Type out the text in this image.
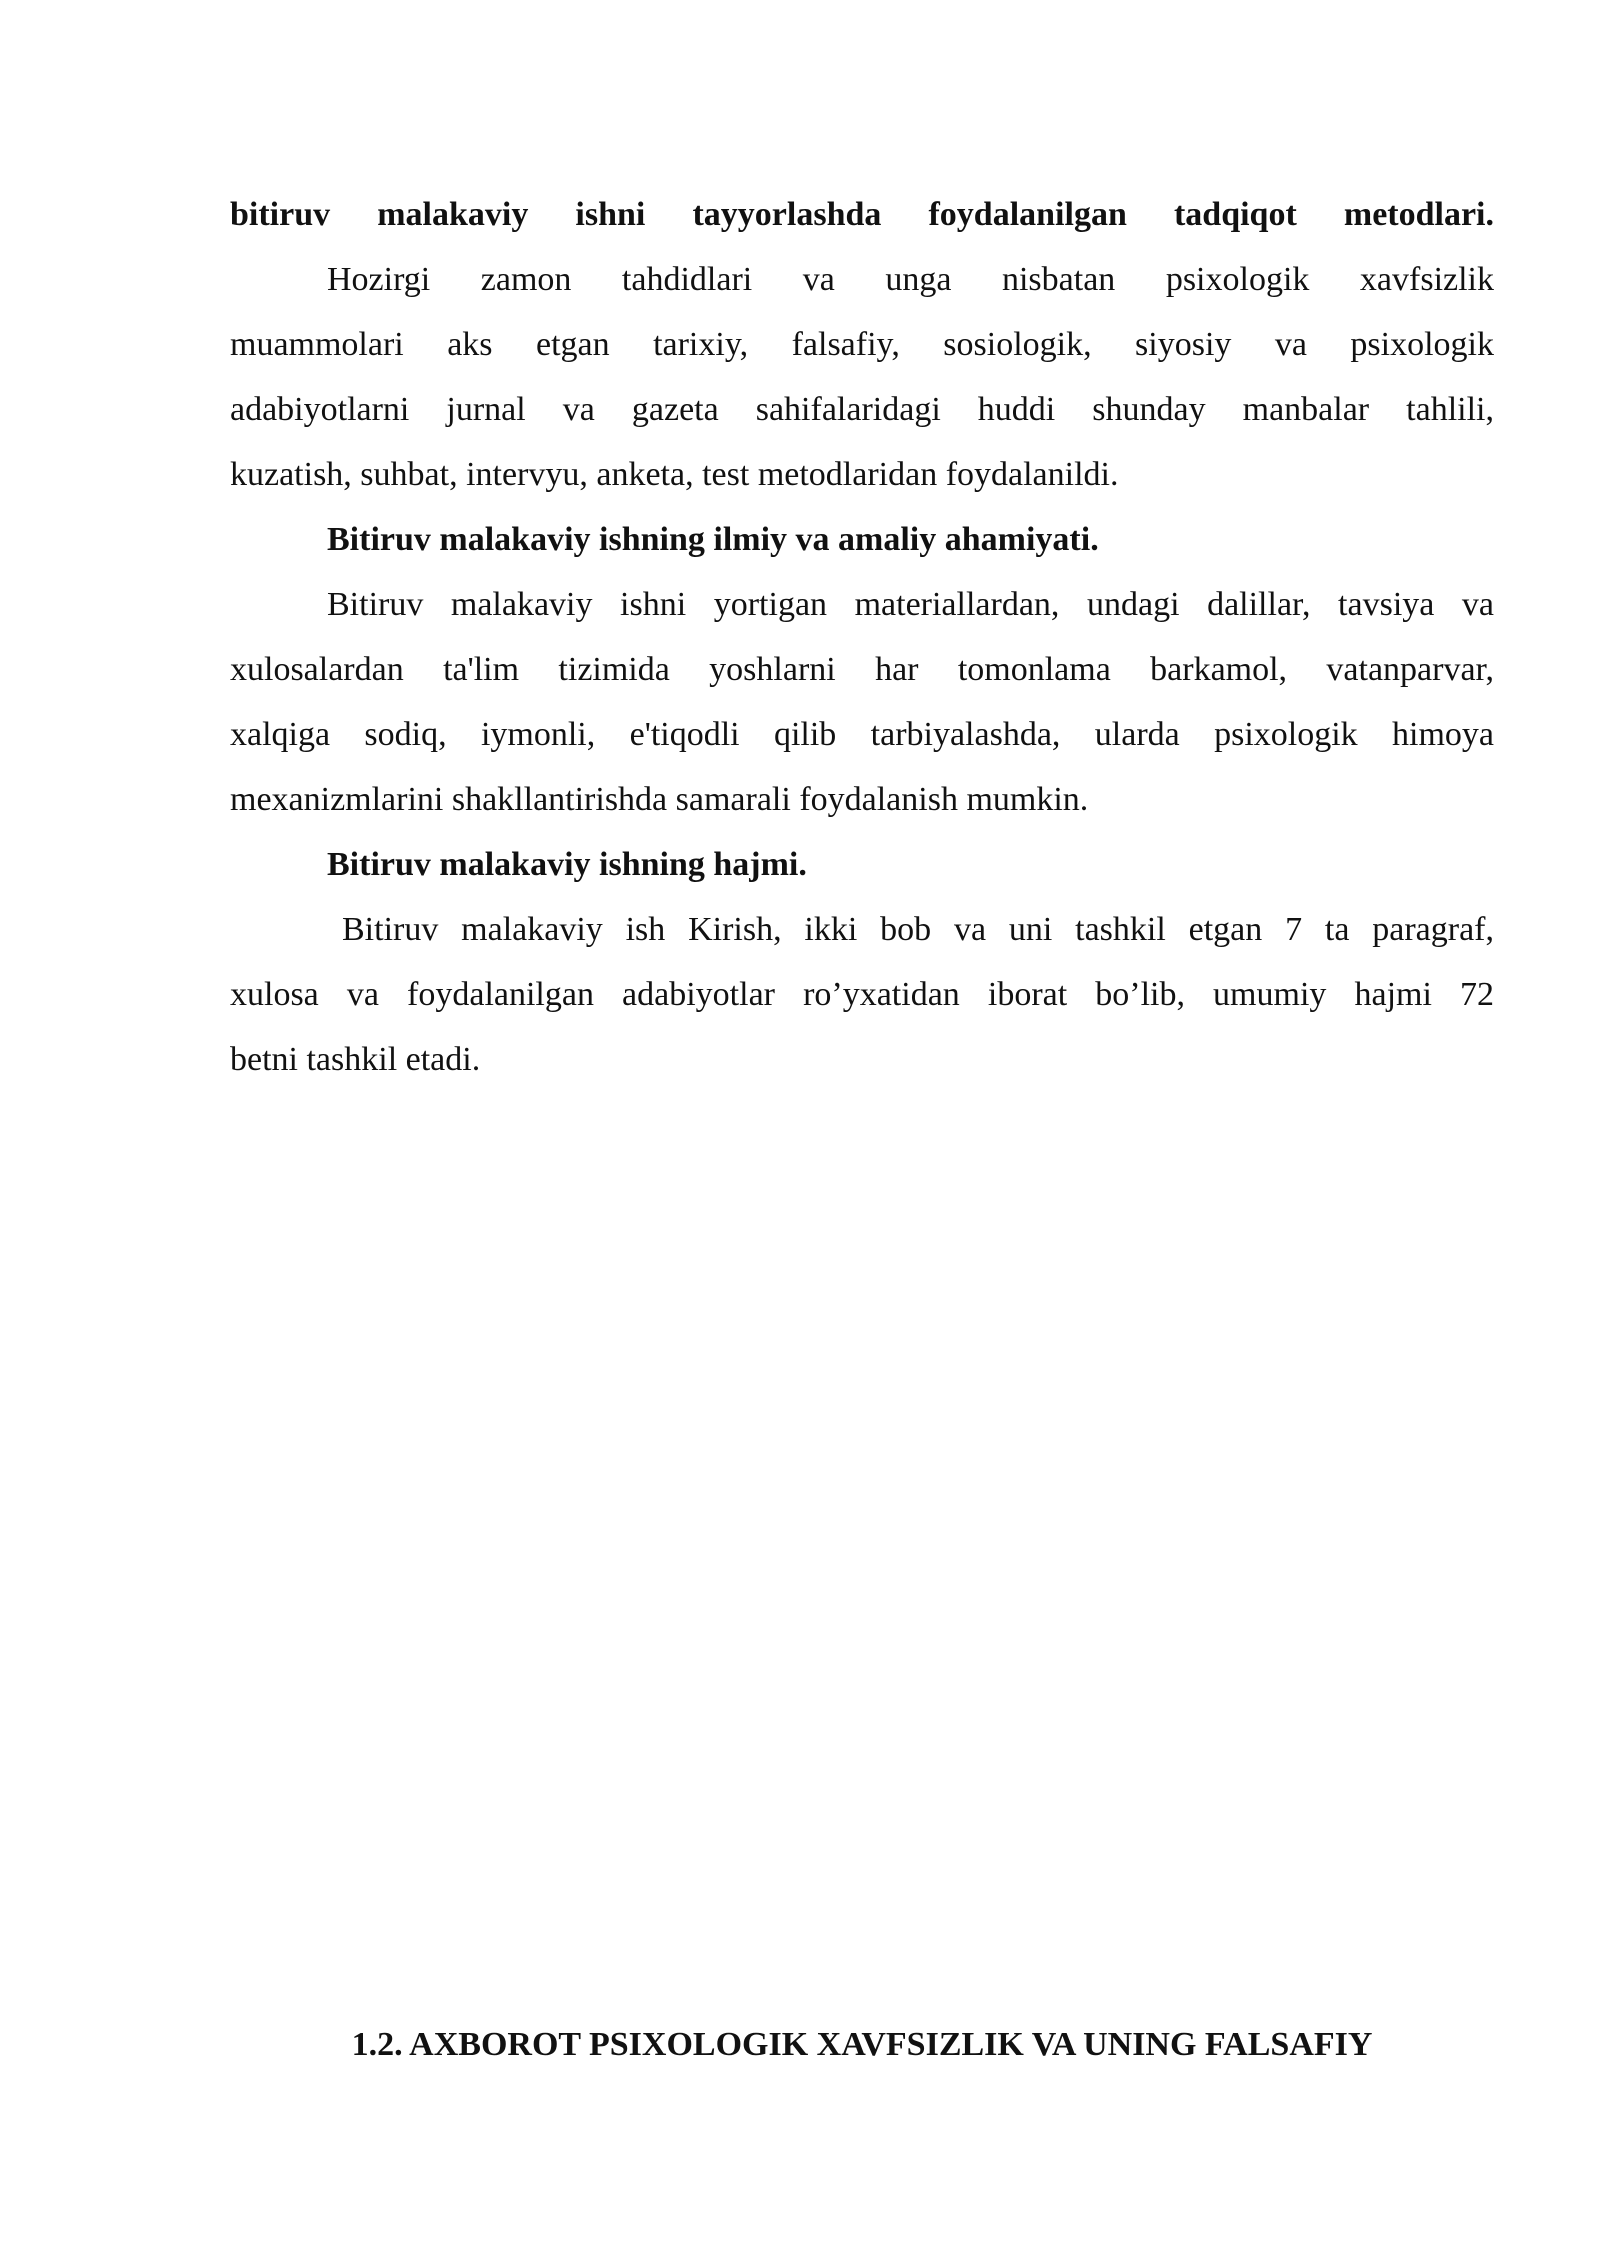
bitiruv malakaviy ishni tayyorlashda foydalanilgan tadqiqot metodlari.
Hozirgi zamon tahdidlari va unga nisbatan psixologik xavfsizlik
muammolari aks etgan tarixiy, falsafiy, sosiologik, siyosiy va psixologik
adabiyotlarni jurnal va gazeta sahifalaridagi huddi shunday manbalar tahlili,
kuzatish, suhbat, intervyu, anketa, test metodlaridan foydalanildi.
Bitiruv malakaviy ishning ilmiy va amaliy ahamiyati.
Bitiruv malakaviy ishni yortigan materiallardan, undagi dalillar, tavsiya va
xulosalardan ta'lim tizimida yoshlarni har tomonlama barkamol, vatanparvar,
xalqiga sodiq, iymonli, e'tiqodli qilib tarbiyalashda, ularda psixologik himoya
mexanizmlarini shakllantirishda samarali foydalanish mumkin.
Bitiruv malakaviy ishning hajmi.
Bitiruv malakaviy ish Kirish, ikki bob va uni tashkil etgan 7 ta paragraf,
xulosa va foydalanilgan adabiyotlar ro’yxatidan iborat bo’lib, umumiy hajmi 72
betni tashkil etadi.
1.2. AXBOROT PSIXOLOGIK XAVFSIZLIK VA UNING FALSAFIY
